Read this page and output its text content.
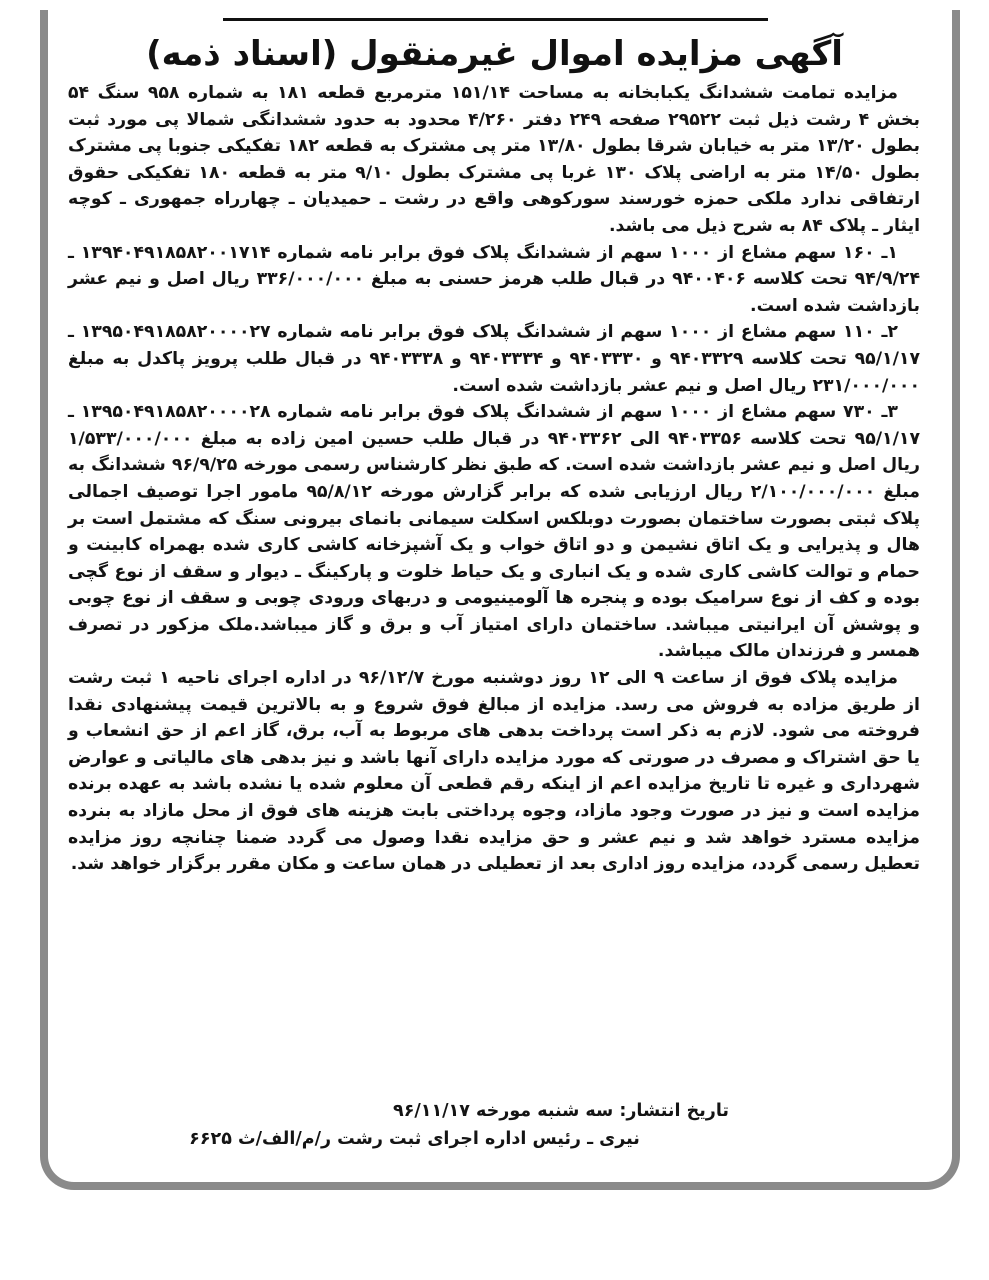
آگهی مزایده اموال غیرمنقول (اسناد ذمه)

مزایده تمامت ششدانگ یکبابخانه به مساحت ۱۵۱/۱۴ مترمربع قطعه ۱۸۱ به شماره ۹۵۸ سنگ ۵۴ بخش ۴ رشت ذیل ثبت ۲۹۵۲۲ صفحه ۲۴۹ دفتر ۴/۲۶۰ محدود به حدود ششدانگی شمالا پی مورد ثبت بطول ۱۳/۲۰ متر به خیابان شرقا بطول ۱۳/۸۰ متر پی مشترک به قطعه ۱۸۲ تفکیکی جنوبا پی مشترک بطول ۱۴/۵۰ متر به اراضی پلاک ۱۳۰ غربا پی مشترک بطول ۹/۱۰ متر به قطعه ۱۸۰ تفکیکی حقوق ارتفاقی ندارد ملکی حمزه خورسند سورکوهی واقع در رشت ـ حمیدیان ـ چهارراه جمهوری ـ کوچه ایثار ـ پلاک ۸۴ به شرح ذیل می باشد.

۱ـ ۱۶۰ سهم مشاع از ۱۰۰۰ سهم از ششدانگ پلاک فوق برابر نامه شماره ۱۳۹۴۰۴۹۱۸۵۸۲۰۰۱۷۱۴ ـ ۹۴/۹/۲۴ تحت کلاسه ۹۴۰۰۴۰۶ در قبال طلب هرمز حسنی به مبلغ ۳۳۶/۰۰۰/۰۰۰ ریال اصل و نیم عشر بازداشت شده است.

۲ـ ۱۱۰ سهم مشاع از ۱۰۰۰ سهم از ششدانگ پلاک فوق برابر نامه شماره ۱۳۹۵۰۴۹۱۸۵۸۲۰۰۰۰۲۷ ـ ۹۵/۱/۱۷ تحت کلاسه ۹۴۰۳۳۲۹ و ۹۴۰۳۳۳۰ و ۹۴۰۳۳۳۴ و ۹۴۰۳۳۳۸ در قبال طلب پرویز پاکدل به مبلغ ۲۳۱/۰۰۰/۰۰۰ ریال اصل و نیم عشر بازداشت شده است.

۳ـ ۷۳۰ سهم مشاع از ۱۰۰۰ سهم از ششدانگ پلاک فوق برابر نامه شماره ۱۳۹۵۰۴۹۱۸۵۸۲۰۰۰۰۲۸ ـ ۹۵/۱/۱۷ تحت کلاسه ۹۴۰۳۳۵۶ الی ۹۴۰۳۳۶۲ در قبال طلب حسین امین زاده به مبلغ ۱/۵۳۳/۰۰۰/۰۰۰ ریال اصل و نیم عشر بازداشت شده است. که طبق نظر کارشناس رسمی مورخه ۹۶/۹/۲۵ ششدانگ به مبلغ ۲/۱۰۰/۰۰۰/۰۰۰ ریال ارزیابی شده که برابر گزارش مورخه ۹۵/۸/۱۲ مامور اجرا توصیف اجمالی پلاک ثبتی بصورت ساختمان بصورت دوبلکس اسکلت سیمانی بانمای بیرونی سنگ که مشتمل است بر هال و پذیرایی و یک اتاق نشیمن و دو اتاق خواب و یک آشپزخانه کاشی کاری شده بهمراه کابینت و حمام و توالت کاشی کاری شده و یک انباری و یک حیاط خلوت و پارکینگ ـ دیوار و سقف از نوع گچی بوده و کف از نوع سرامیک بوده و پنجره ها آلومینیومی و دربهای ورودی چوبی و سقف از نوع چوبی و پوشش آن ایرانیتی میباشد. ساختمان دارای امتیاز آب و برق و گاز میباشد.ملک مزکور در تصرف همسر و فرزندان مالک میباشد.

مزایده پلاک فوق از ساعت ۹ الی ۱۲ روز دوشنبه مورخ ۹۶/۱۲/۷ در اداره اجرای ناحیه ۱ ثبت رشت از طریق مزاده به فروش می رسد. مزایده از مبالغ فوق شروع و به بالاترین قیمت پیشنهادی نقدا فروخته می شود. لازم به ذکر است پرداخت بدهی های مربوط به آب، برق، گاز اعم از حق انشعاب و یا حق اشتراک و مصرف در صورتی که مورد مزایده دارای آنها باشد و نیز بدهی های مالیاتی و عوارض شهرداری و غیره تا تاریخ مزایده اعم از اینکه رقم قطعی آن معلوم شده یا نشده باشد به عهده برنده مزایده است و نیز در صورت وجود مازاد، وجوه پرداختی بابت هزینه های فوق از محل مازاد به بنرده مزایده مسترد خواهد شد و نیم عشر و حق مزایده نقدا وصول می گردد ضمنا چنانچه روز مزایده تعطیل رسمی گردد، مزایده روز اداری بعد از تعطیلی در همان ساعت و مکان مقرر برگزار خواهد شد.

تاریخ انتشار: سه شنبه مورخه ۹۶/۱۱/۱۷
نیری ـ رئیس اداره اجرای ثبت رشت ر/م/الف/ث ۶۶۲۵
